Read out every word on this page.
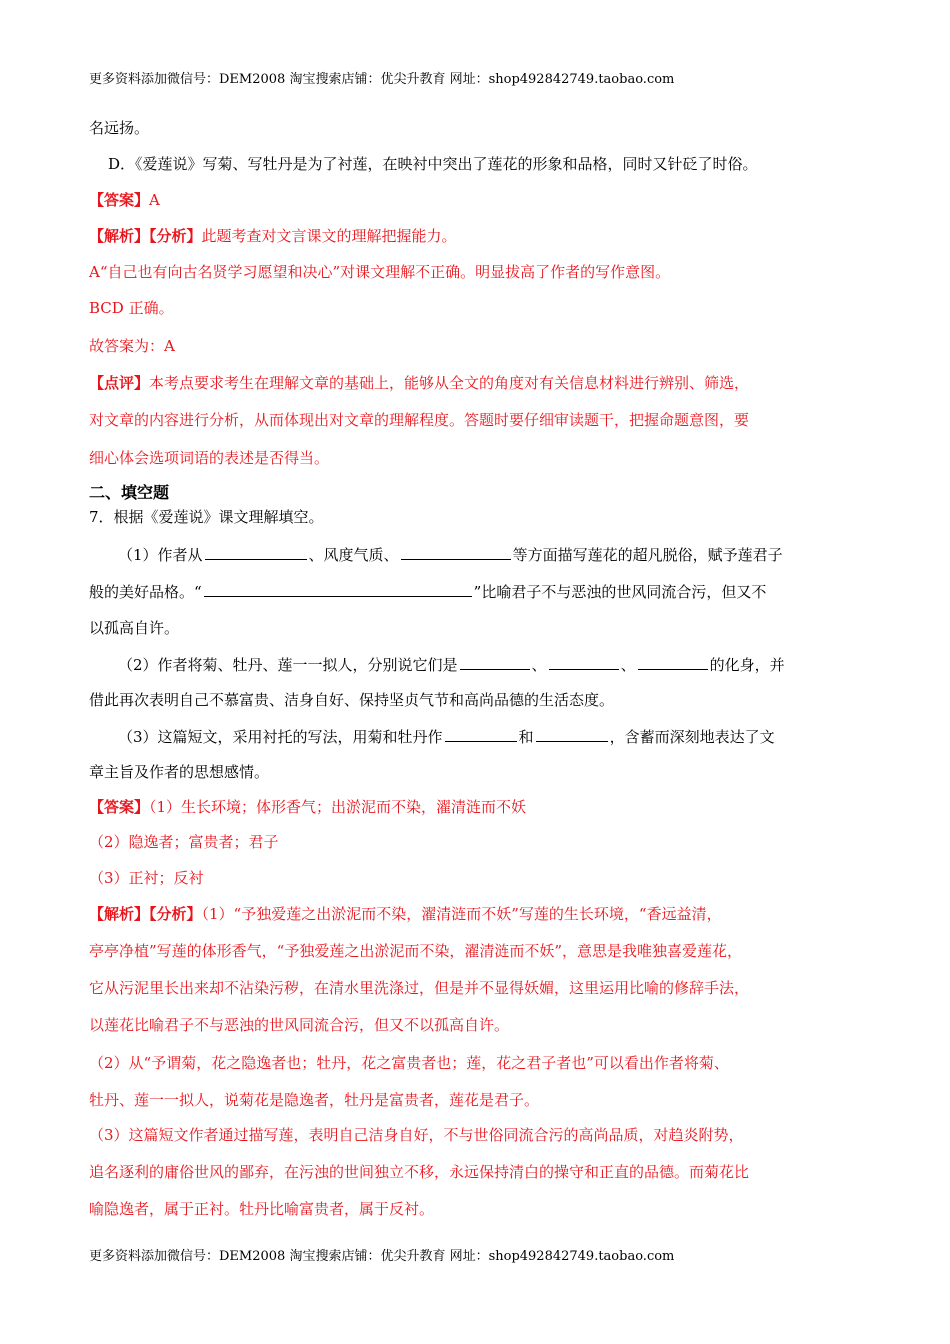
更多资料添加微信号：DEM2008 淘宝搜索店铺：优尖升教育 网址：shop492842749.taobao.com
名远扬。
D．《爱莲说》写菊、写牡丹是为了衬莲，在映衬中突出了莲花的形象和品格，同时又针砭了时俗。
【答案】A
【解析】【分析】此题考查对文言课文的理解把握能力。
A“自己也有向古名贤学习愿望和决心”对课文理解不正确。明显拔高了作者的写作意图。
BCD 正确。
故答案为：A
【点评】本考点要求考生在理解文章的基础上，能够从全文的角度对有关信息材料进行辨别、筛选，
对文章的内容进行分析，从而体现出对文章的理解程度。答题时要仔细审读题干，把握命题意图，要
细心体会选项词语的表述是否得当。
二、填空题
7．根据《爱莲说》课文理解填空。
（1）作者从	、风度气质、	等方面描写莲花的超凡脱俗，赋予莲君子
般的美好品格。“	”比喻君子不与恶浊的世风同流合污，但又不
以孤高自许。
（2）作者将菊、牡丹、莲一一拟人，分别说它们是	、	、	的化身，并
借此再次表明自己不慕富贵、洁身自好、保持坚贞气节和高尚品德的生活态度。
（3）这篇短文，采用衬托的写法，用菊和牡丹作	和	，含蓄而深刻地表达了文
章主旨及作者的思想感情。
【答案】（1）生长环境；体形香气；出淤泥而不染，濯清涟而不妖
（2）隐逸者；富贵者；君子
（3）正衬；反衬
【解析】【分析】（1）“予独爱莲之出淤泥而不染，濯清涟而不妖”写莲的生长环境，“香远益清，
亭亭净植”写莲的体形香气，“予独爱莲之出淤泥而不染，濯清涟而不妖”，意思是我唯独喜爱莲花，
它从污泥里长出来却不沾染污秽，在清水里洗涤过，但是并不显得妖媚，这里运用比喻的修辞手法，
以莲花比喻君子不与恶浊的世风同流合污，但又不以孤高自许。
（2）从“予谓菊，花之隐逸者也；牡丹，花之富贵者也；莲，花之君子者也”可以看出作者将菊、
牡丹、莲一一拟人，说菊花是隐逸者，牡丹是富贵者，莲花是君子。
（3）这篇短文作者通过描写莲，表明自己洁身自好，不与世俗同流合污的高尚品质，对趋炎附势，
追名逐利的庸俗世风的鄙弃，在污浊的世间独立不移，永远保持清白的操守和正直的品德。而菊花比
喻隐逸者，属于正衬。牡丹比喻富贵者，属于反衬。
更多资料添加微信号：DEM2008 淘宝搜索店铺：优尖升教育 网址：shop492842749.taobao.com
